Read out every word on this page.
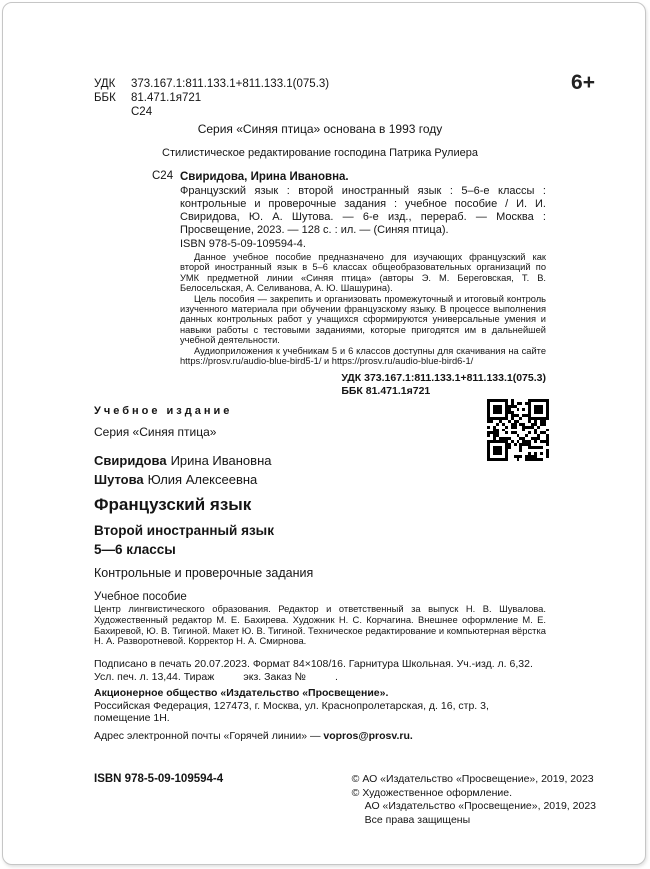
УДК 373.167.1:811.133.1+811.133.1(075.3)
ББК 81.471.1я721
С24
6+
Серия «Синяя птица» основана в 1993 году
Стилистическое редактирование господина Патрика Рулиера
С24 Свиридова, Ирина Ивановна.

Французский язык : второй иностранный язык : 5–6-е классы : контрольные и проверочные задания : учебное пособие / И. И. Свиридова, Ю. А. Шутова. — 6-е изд., перераб. — Москва : Просвещение, 2023. — 128 с. : ил. — (Синяя птица).

ISBN 978-5-09-109594-4.

Данное учебное пособие предназначено для изучающих французский как второй иностранный язык в 5–6 классах общеобразовательных организаций по УМК предметной линии «Синяя птица» (авторы Э. М. Береговская, Т. В. Белосельская, А. Селиванова, А. Ю. Шашурина).

Цель пособия — закрепить и организовать промежуточный и итоговый контроль изученного материала при обучении французскому языку. В процессе выполнения данных контрольных работ у учащихся сформируются универсальные умения и навыки работы с тестовыми заданиями, которые пригодятся им в дальнейшей учебной деятельности.

Аудиоприложения к учебникам 5 и 6 классов доступны для скачивания на сайте https://prosv.ru/audio-blue-bird5-1/ и https://prosv.ru/audio-blue-bird6-1/

УДК 373.167.1:811.133.1+811.133.1(075.3)
ББК 81.471.1я721
Учебное издание
Серия «Синяя птица»
Свиридова Ирина Ивановна
Шутова Юлия Алексеевна
Французский язык
Второй иностранный язык
5—6 классы
Контрольные и проверочные задания
Учебное пособие
Центр лингвистического образования. Редактор и ответственный за выпуск Н. В. Шувалова. Художественный редактор М. Е. Бахирева. Художник Н. С. Корчагина. Внешнее оформление М. Е. Бахиревой, Ю. В. Тигиной. Макет Ю. В. Тигиной. Техническое редактирование и компьютерная вёрстка Н. А. Разворотневой. Корректор Н. А. Смирнова.
Подписано в печать 20.07.2023. Формат 84×108/16. Гарнитура Школьная. Уч.-изд. л. 6,32. Усл. печ. л. 13,44. Тираж          экз. Заказ №          .
Акционерное общество «Издательство «Просвещение».
Российская Федерация, 127473, г. Москва, ул. Краснопролетарская, д. 16, стр. 3, помещение 1Н.
Адрес электронной почты «Горячей линии» — vopros@prosv.ru.
ISBN 978-5-09-109594-4	© АО «Издательство «Просвещение», 2019, 2023
© Художественное оформление.
АО «Издательство «Просвещение», 2019, 2023
Все права защищены
